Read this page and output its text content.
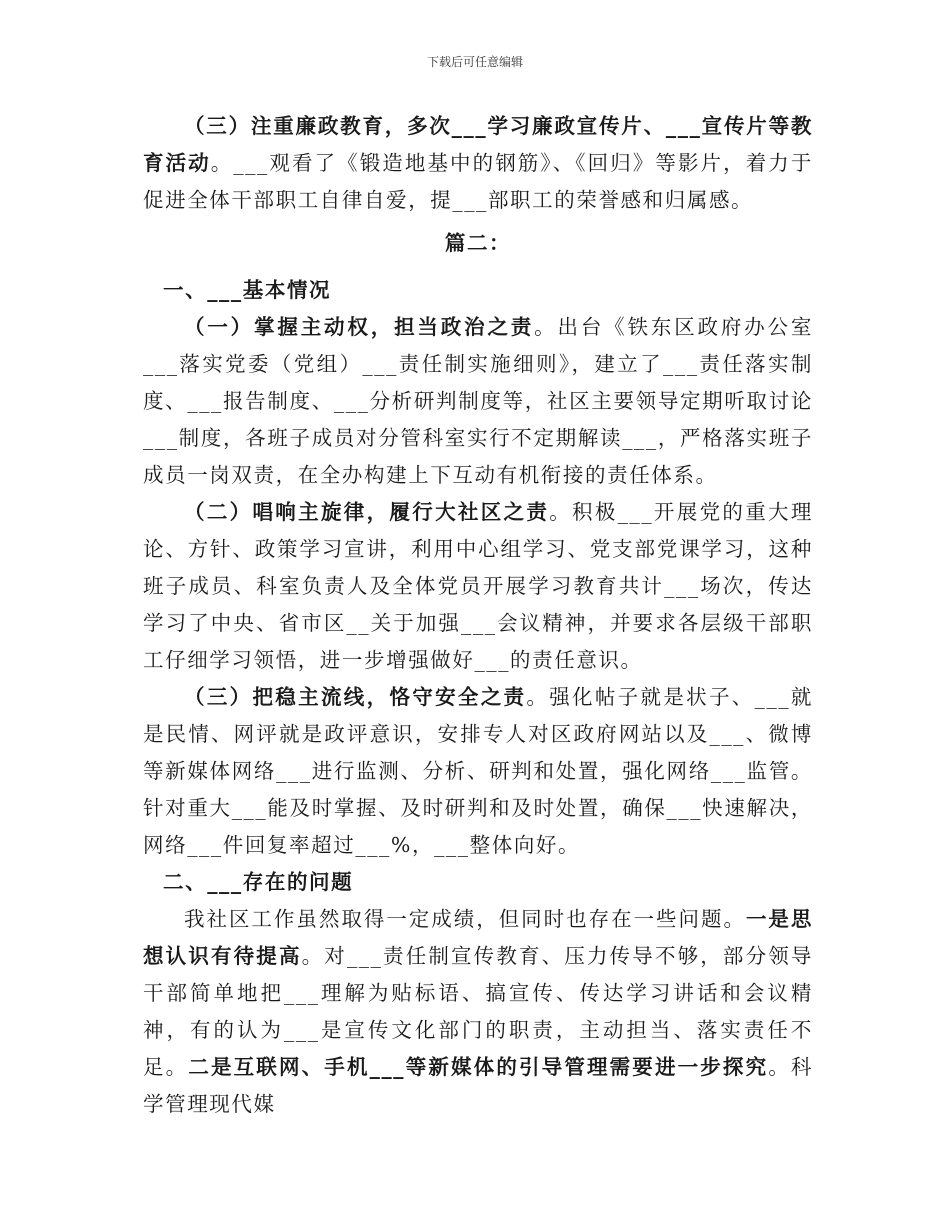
下载后可任意编辑

（三）注重廉政教育，多次___学习廉政宣传片、___宣传片等教育活动。___观看了《锻造地基中的钢筋》、《回归》等影片，着力于促进全体干部职工自律自爱，提___部职工的荣誉感和归属感。

篇二：

一、___基本情况

（一）掌握主动权，担当政治之责。出台《铁东区政府办公室___落实党委（党组）___责任制实施细则》，建立了___责任落实制度、___报告制度、___分析研判制度等，社区主要领导定期听取讨论___制度，各班子成员对分管科室实行不定期解读___，严格落实班子成员一岗双责，在全办构建上下互动有机衔接的责任体系。

（二）唱响主旋律，履行大社区之责。积极___开展党的重大理论、方针、政策学习宣讲，利用中心组学习、党支部党课学习，这种班子成员、科室负责人及全体党员开展学习教育共计___场次，传达学习了中央、省市区__关于加强___会议精神，并要求各层级干部职工仔细学习领悟，进一步增强做好___的责任意识。

（三）把稳主流线，恪守安全之责。强化帖子就是状子、___就是民情、网评就是政评意识，安排专人对区政府网站以及___、微博等新媒体网络___进行监测、分析、研判和处置，强化网络___监管。针对重大___能及时掌握、及时研判和及时处置，确保___快速解决，网络___件回复率超过___%，___整体向好。

二、___存在的问题

我社区工作虽然取得一定成绩，但同时也存在一些问题。一是思想认识有待提高。对___责任制宣传教育、压力传导不够，部分领导干部简单地把___理解为贴标语、搞宣传、传达学习讲话和会议精神，有的认为___是宣传文化部门的职责，主动担当、落实责任不足。二是互联网、手机___等新媒体的引导管理需要进一步探究。科学管理现代媒
